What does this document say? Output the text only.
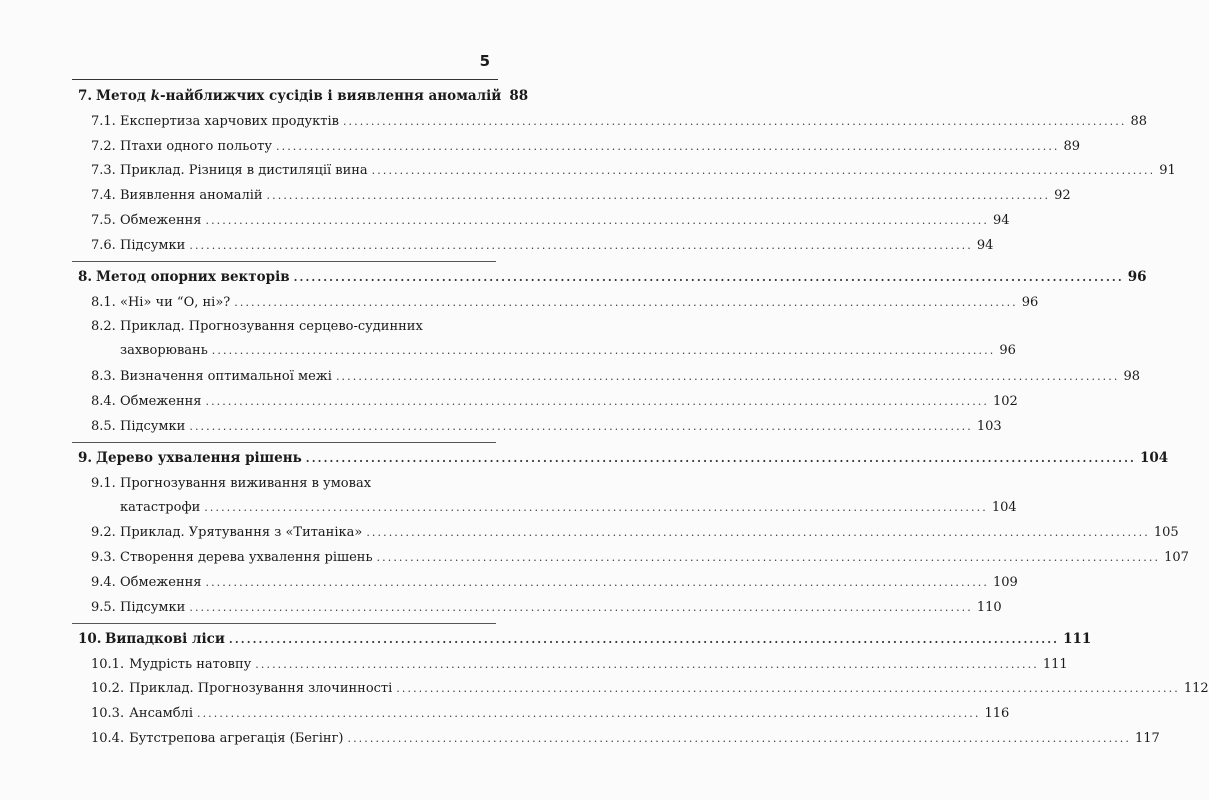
5
7. Метод k-найближчих сусідів і виявлення аномалій 88
7.1. Експертиза харчових продуктів ............................................................................................................................................ 88
7.2. Птахи одного польоту ............................................................................................................................................ 89
7.3. Приклад. Різниця в дистиляції вина ............................................................................................................................................ 91
7.4. Виявлення аномалій ............................................................................................................................................ 92
7.5. Обмеження ............................................................................................................................................ 94
7.6. Підсумки ............................................................................................................................................ 94
8. Метод опорних векторів ............................................................................................................................................ 96
8.1. «Ні» чи “О, ні»? ............................................................................................................................................ 96
8.2. Приклад. Прогнозування серцево-судинних
захворювань ............................................................................................................................................ 96
8.3. Визначення оптимальної межі ............................................................................................................................................ 98
8.4. Обмеження ............................................................................................................................................ 102
8.5. Підсумки ............................................................................................................................................ 103
9. Дерево ухвалення рішень ............................................................................................................................................ 104
9.1. Прогнозування виживання в умовах
катастрофи ............................................................................................................................................ 104
9.2. Приклад. Урятування з «Титаніка» ............................................................................................................................................ 105
9.3. Створення дерева ухвалення рішень ............................................................................................................................................ 107
9.4. Обмеження ............................................................................................................................................ 109
9.5. Підсумки ............................................................................................................................................ 110
10. Випадкові ліси ............................................................................................................................................ 111
10.1. Мудрість натовпу ............................................................................................................................................ 111
10.2. Приклад. Прогнозування злочинності ............................................................................................................................................ 112
10.3. Ансамблі ............................................................................................................................................ 116
10.4. Бутстрепова агрегація (Бегінг) ............................................................................................................................................ 117
